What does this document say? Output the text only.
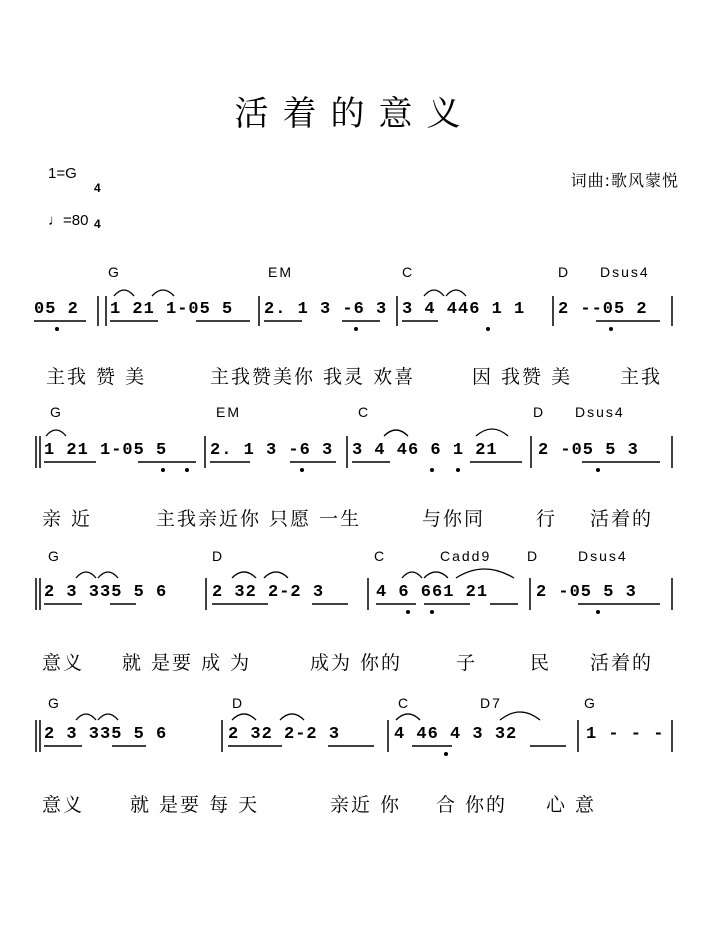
活着的意义
1=G

4

4

♩=80
词曲:歌风蒙悦
G	EM	C	D Dsus4
05 2 1 21 1-05 5 2. 1 3 -6 3 3 4 446 1 1 2 --05 2
主我 赞 美	主我赞美你 我灵 欢喜	因 我赞 美	主我
G	EM	C	D Dsus4
1 21 1-05 5	2. 1 3 -6 3 3 4 46 6 1 21 2 -05 5 3
亲 近	主我亲近你 只愿 一生	与你同	行 活着的
G	D	C	Cadd9	D	Dsus4
2 3 335 5 6	2 32 2-2 3	4 6 661 21	2 -05 5 3
意义 就 是要 成 为	成为 你的	子	民 活着的
G	D	C	D7	G
2 3 335 5 6	2 32 2-2 3	4 46 4 3 32	1 - - -
意义 就 是要 每 天	亲近 你 合 你的 心 意
